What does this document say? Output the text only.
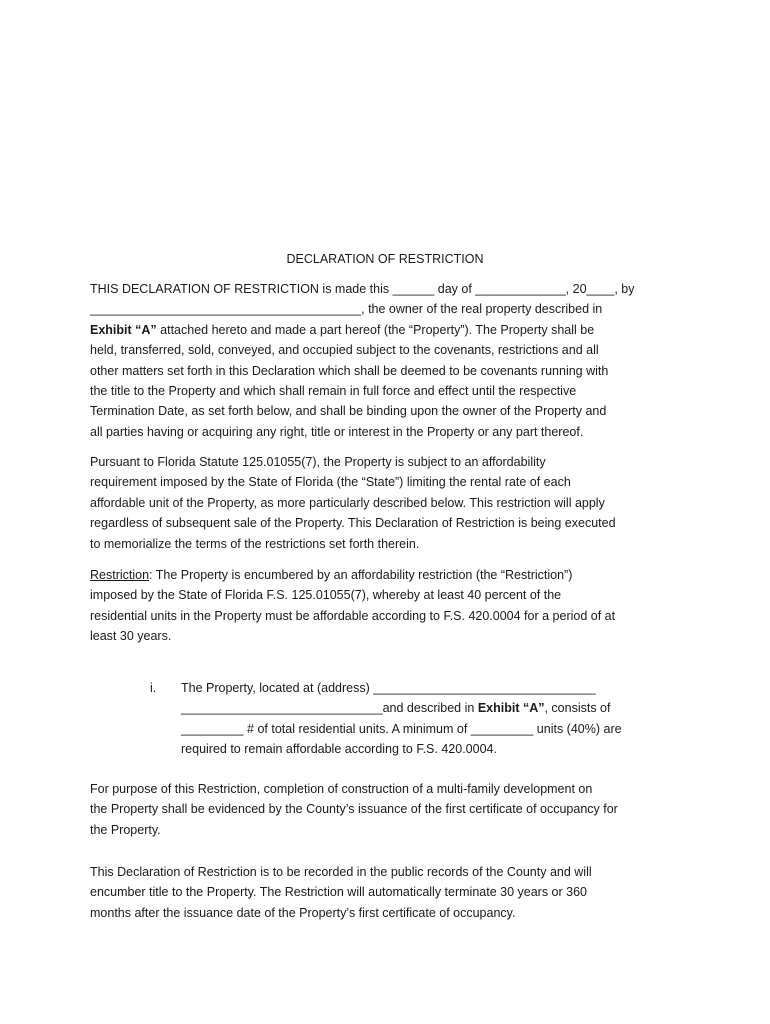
DECLARATION OF RESTRICTION

THIS DECLARATION OF RESTRICTION is made this ______ day of _____________, 20____, by
_______________________________________, the owner of the real property described in
Exhibit “A” attached hereto and made a part hereof (the “Property”). The Property shall be
held, transferred, sold, conveyed, and occupied subject to the covenants, restrictions and all
other matters set forth in this Declaration which shall be deemed to be covenants running with
the title to the Property and which shall remain in full force and effect until the respective
Termination Date, as set forth below, and shall be binding upon the owner of the Property and
all parties having or acquiring any right, title or interest in the Property or any part thereof.

Pursuant to Florida Statute 125.01055(7), the Property is subject to an affordability
requirement imposed by the State of Florida (the “State”) limiting the rental rate of each
affordable unit of the Property, as more particularly described below. This restriction will apply
regardless of subsequent sale of the Property. This Declaration of Restriction is being executed
to memorialize the terms of the restrictions set forth therein.

Restriction: The Property is encumbered by an affordability restriction (the “Restriction”)
imposed by the State of Florida F.S. 125.01055(7), whereby at least 40 percent of the
residential units in the Property must be affordable according to F.S. 420.0004 for a period of at
least 30 years.

i. The Property, located at (address) ________________________________
_____________________________and described in Exhibit “A”, consists of
_________ # of total residential units. A minimum of _________ units (40%) are
required to remain affordable according to F.S. 420.0004.

For purpose of this Restriction, completion of construction of a multi-family development on
the Property shall be evidenced by the County’s issuance of the first certificate of occupancy for
the Property.

This Declaration of Restriction is to be recorded in the public records of the County and will
encumber title to the Property. The Restriction will automatically terminate 30 years or 360
months after the issuance date of the Property’s first certificate of occupancy.
